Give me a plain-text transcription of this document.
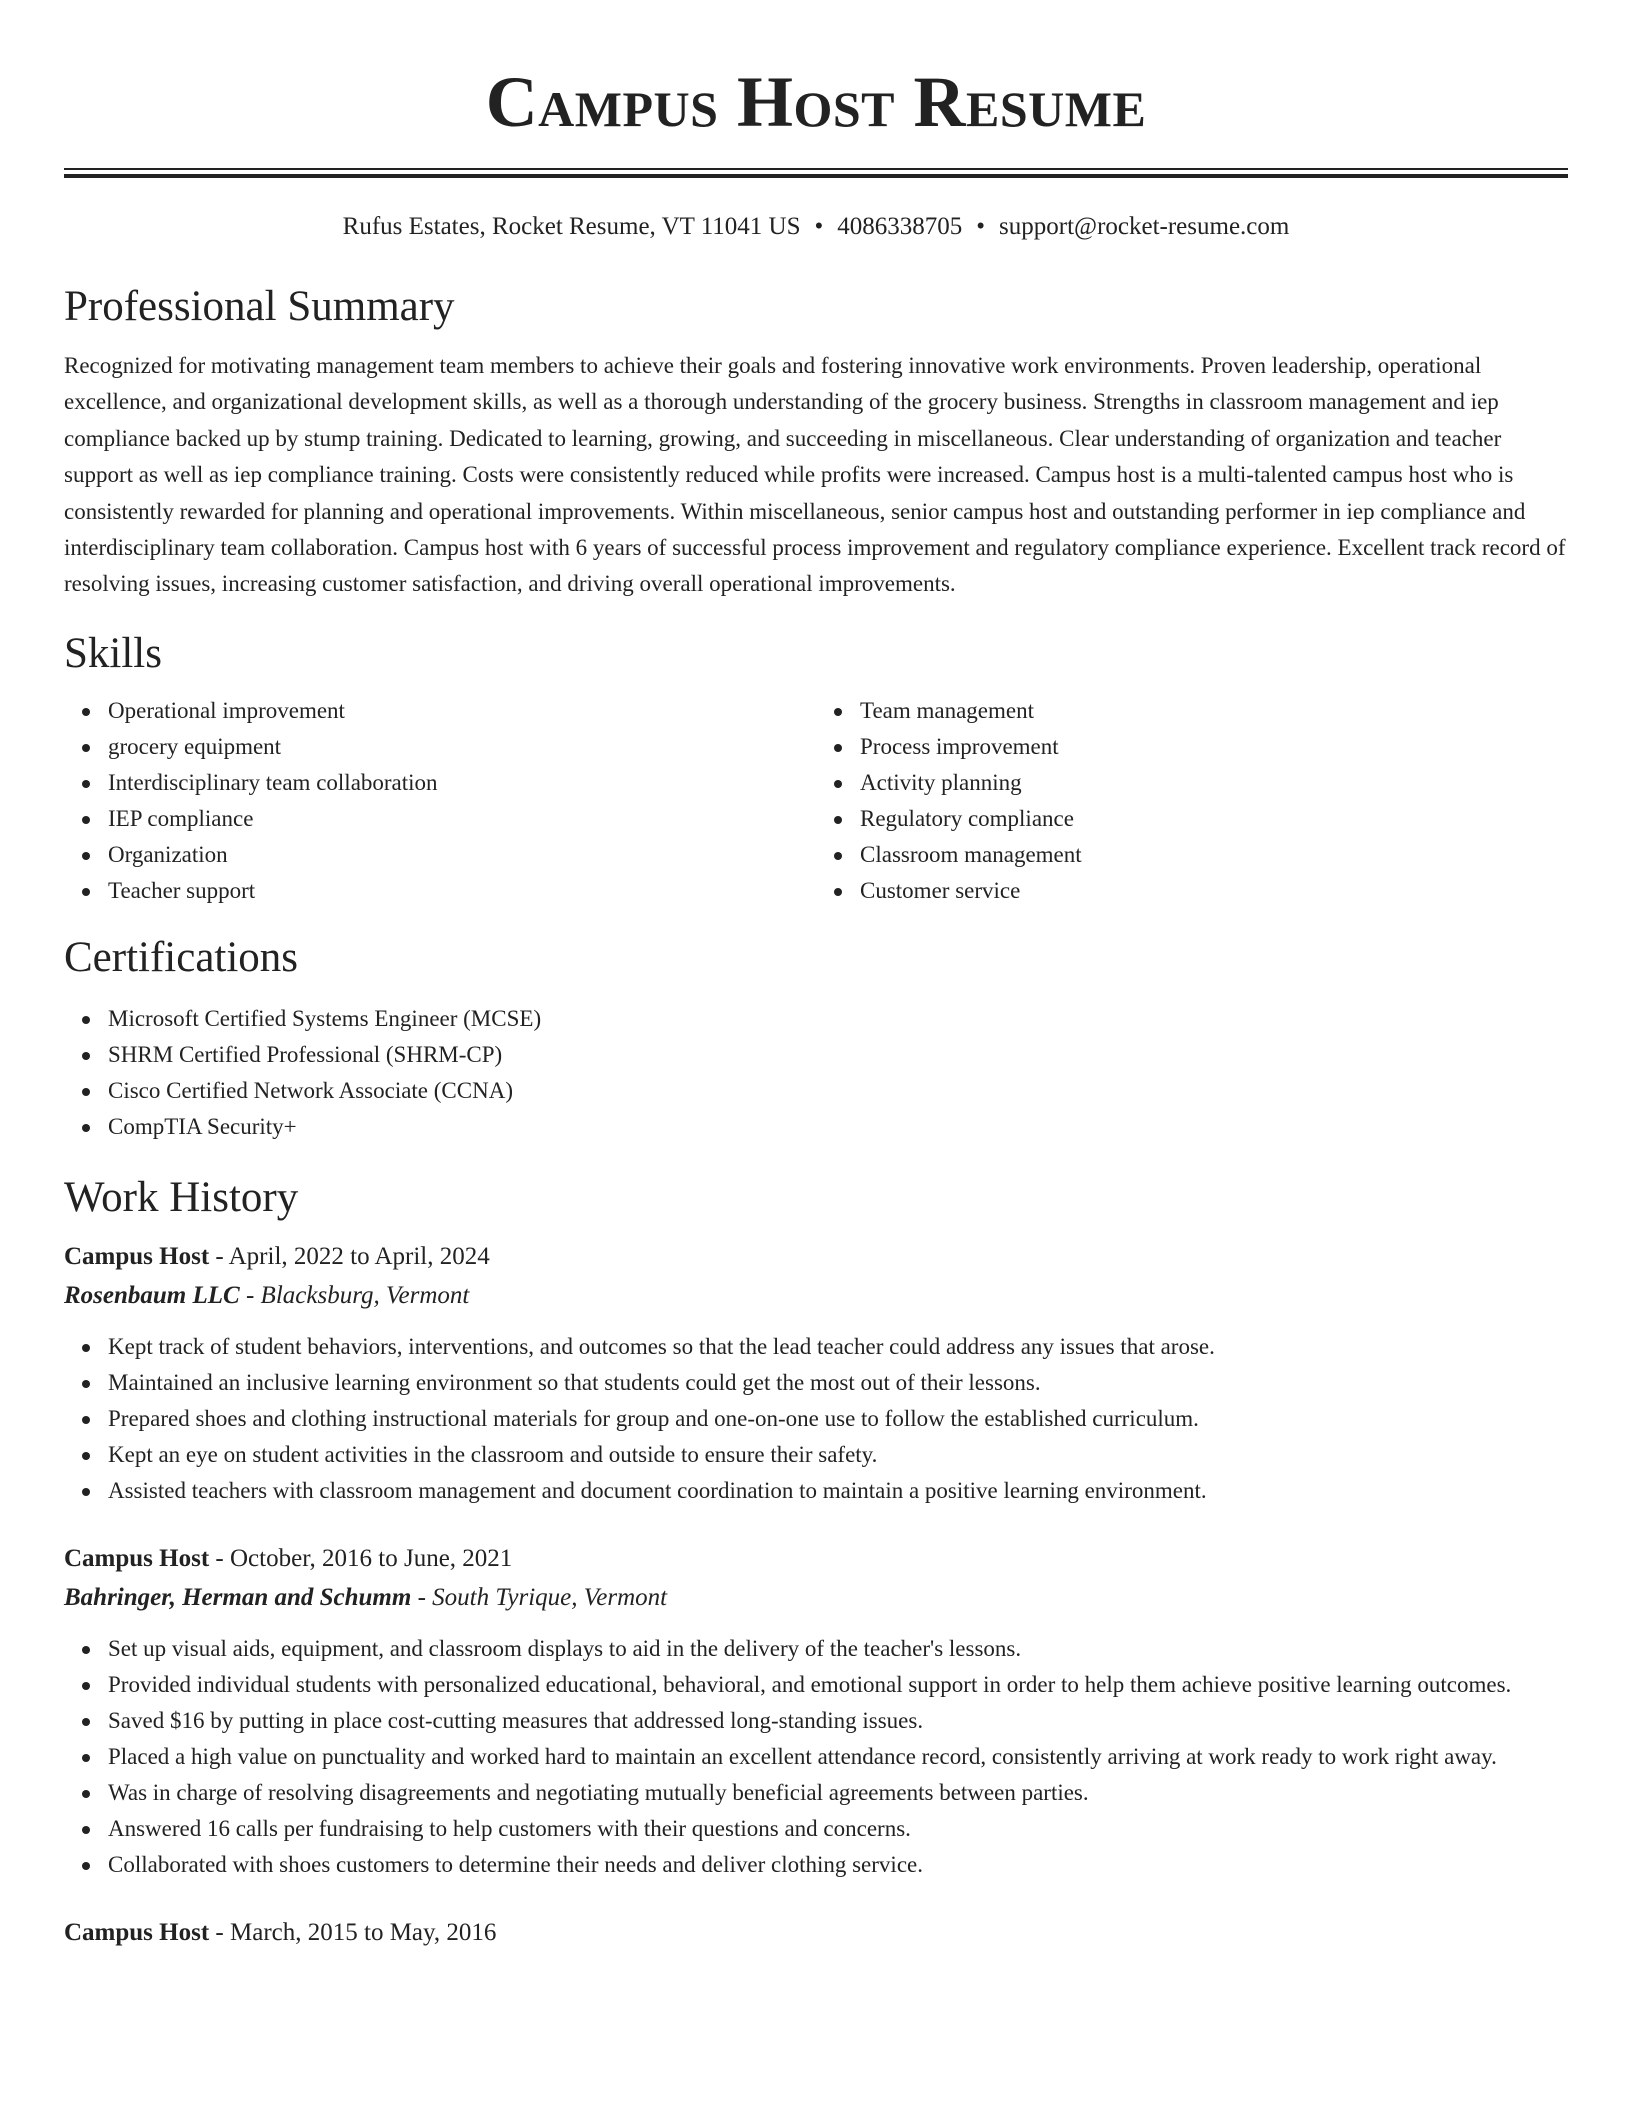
Campus Host Resume
Rufus Estates, Rocket Resume, VT 11041 US • 4086338705 • support@rocket-resume.com
Professional Summary

Recognized for motivating management team members to achieve their goals and fostering innovative work environments. Proven leadership, operational excellence, and organizational development skills, as well as a thorough understanding of the grocery business. Strengths in classroom management and iep compliance backed up by stump training. Dedicated to learning, growing, and succeeding in miscellaneous. Clear understanding of organization and teacher support as well as iep compliance training. Costs were consistently reduced while profits were increased. Campus host is a multi-talented campus host who is consistently rewarded for planning and operational improvements. Within miscellaneous, senior campus host and outstanding performer in iep compliance and interdisciplinary team collaboration. Campus host with 6 years of successful process improvement and regulatory compliance experience. Excellent track record of resolving issues, increasing customer satisfaction, and driving overall operational improvements.

Skills
Operational improvement
grocery equipment
Interdisciplinary team collaboration
IEP compliance
Organization
Teacher support
Team management
Process improvement
Activity planning
Regulatory compliance
Classroom management
Customer service
Certifications
Microsoft Certified Systems Engineer (MCSE)
SHRM Certified Professional (SHRM-CP)
Cisco Certified Network Associate (CCNA)
CompTIA Security+
Work History
Campus Host - April, 2022 to April, 2024
Rosenbaum LLC - Blacksburg, Vermont
Kept track of student behaviors, interventions, and outcomes so that the lead teacher could address any issues that arose.
Maintained an inclusive learning environment so that students could get the most out of their lessons.
Prepared shoes and clothing instructional materials for group and one-on-one use to follow the established curriculum.
Kept an eye on student activities in the classroom and outside to ensure their safety.
Assisted teachers with classroom management and document coordination to maintain a positive learning environment.
Campus Host - October, 2016 to June, 2021
Bahringer, Herman and Schumm - South Tyrique, Vermont
Set up visual aids, equipment, and classroom displays to aid in the delivery of the teacher's lessons.
Provided individual students with personalized educational, behavioral, and emotional support in order to help them achieve positive learning outcomes.
Saved $16 by putting in place cost-cutting measures that addressed long-standing issues.
Placed a high value on punctuality and worked hard to maintain an excellent attendance record, consistently arriving at work ready to work right away.
Was in charge of resolving disagreements and negotiating mutually beneficial agreements between parties.
Answered 16 calls per fundraising to help customers with their questions and concerns.
Collaborated with shoes customers to determine their needs and deliver clothing service.
Campus Host - March, 2015 to May, 2016
